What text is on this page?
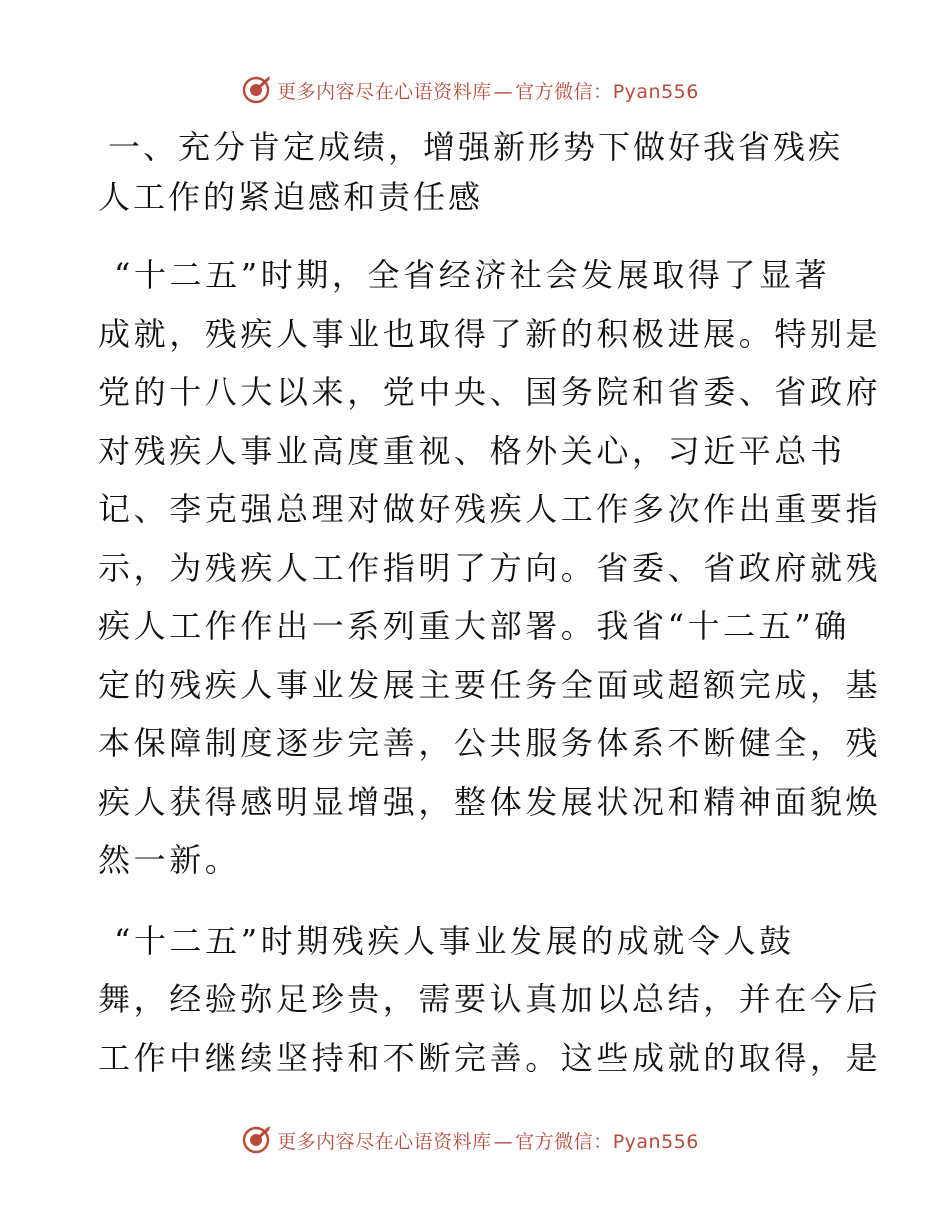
更多内容尽在心语资料库 — 官方微信：Pyan556
一、充分肯定成绩，增强新形势下做好我省残疾
人工作的紧迫感和责任感

“十二五”时期，全省经济社会发展取得了显著
成就，残疾人事业也取得了新的积极进展。特别是
党的十八大以来，党中央、国务院和省委、省政府
对残疾人事业高度重视、格外关心，习近平总书
记、李克强总理对做好残疾人工作多次作出重要指
示，为残疾人工作指明了方向。省委、省政府就残
疾人工作作出一系列重大部署。我省“十二五”确
定的残疾人事业发展主要任务全面或超额完成，基
本保障制度逐步完善，公共服务体系不断健全，残
疾人获得感明显增强，整体发展状况和精神面貌焕
然一新。

“十二五”时期残疾人事业发展的成就令人鼓
舞，经验弥足珍贵，需要认真加以总结，并在今后
工作中继续坚持和不断完善。这些成就的取得，是

更多内容尽在心语资料库 — 官方微信：Pyan556
